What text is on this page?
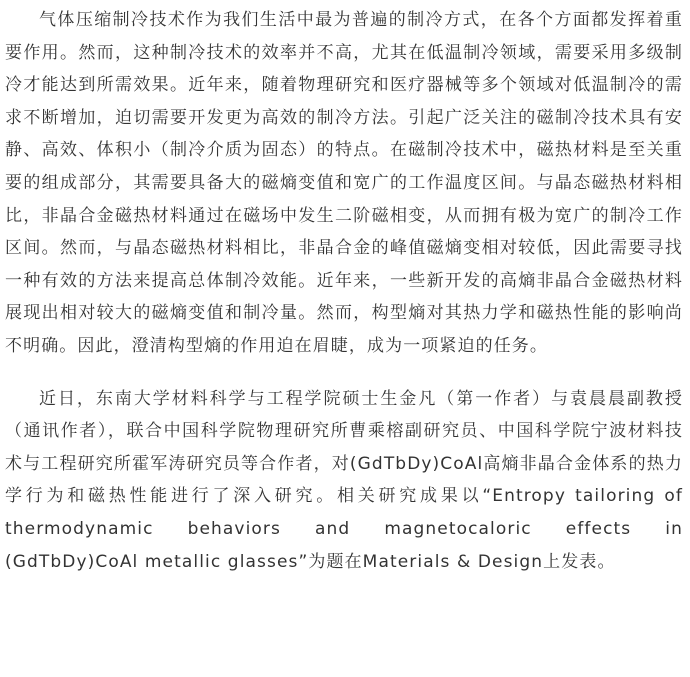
气体压缩制冷技术作为我们生活中最为普遍的制冷方式，在各个方面都发挥着重要作用。然而，这种制冷技术的效率并不高，尤其在低温制冷领域，需要采用多级制冷才能达到所需效果。近年来，随着物理研究和医疗器械等多个领域对低温制冷的需求不断增加，迫切需要开发更为高效的制冷方法。引起广泛关注的磁制冷技术具有安静、高效、体积小（制冷介质为固态）的特点。在磁制冷技术中，磁热材料是至关重要的组成部分，其需要具备大的磁熵变值和宽广的工作温度区间。与晶态磁热材料相比，非晶合金磁热材料通过在磁场中发生二阶磁相变，从而拥有极为宽广的制冷工作区间。然而，与晶态磁热材料相比，非晶合金的峰值磁熵变相对较低，因此需要寻找一种有效的方法来提高总体制冷效能。近年来，一些新开发的高熵非晶合金磁热材料展现出相对较大的磁熵变值和制冷量。然而，构型熵对其热力学和磁热性能的影响尚不明确。因此，澄清构型熵的作用迫在眉睫，成为一项紧迫的任务。

近日，东南大学材料科学与工程学院硕士生金凡（第一作者）与袁晨晨副教授（通讯作者），联合中国科学院物理研究所曹乘榕副研究员、中国科学院宁波材料技术与工程研究所霍军涛研究员等合作者，对(GdTbDy)CoAl高熵非晶合金体系的热力学行为和磁热性能进行了深入研究。相关研究成果以“Entropy tailoring of thermodynamic behaviors and magnetocaloric effects in (GdTbDy)CoAl metallic glasses”为题在Materials & Design上发表。
